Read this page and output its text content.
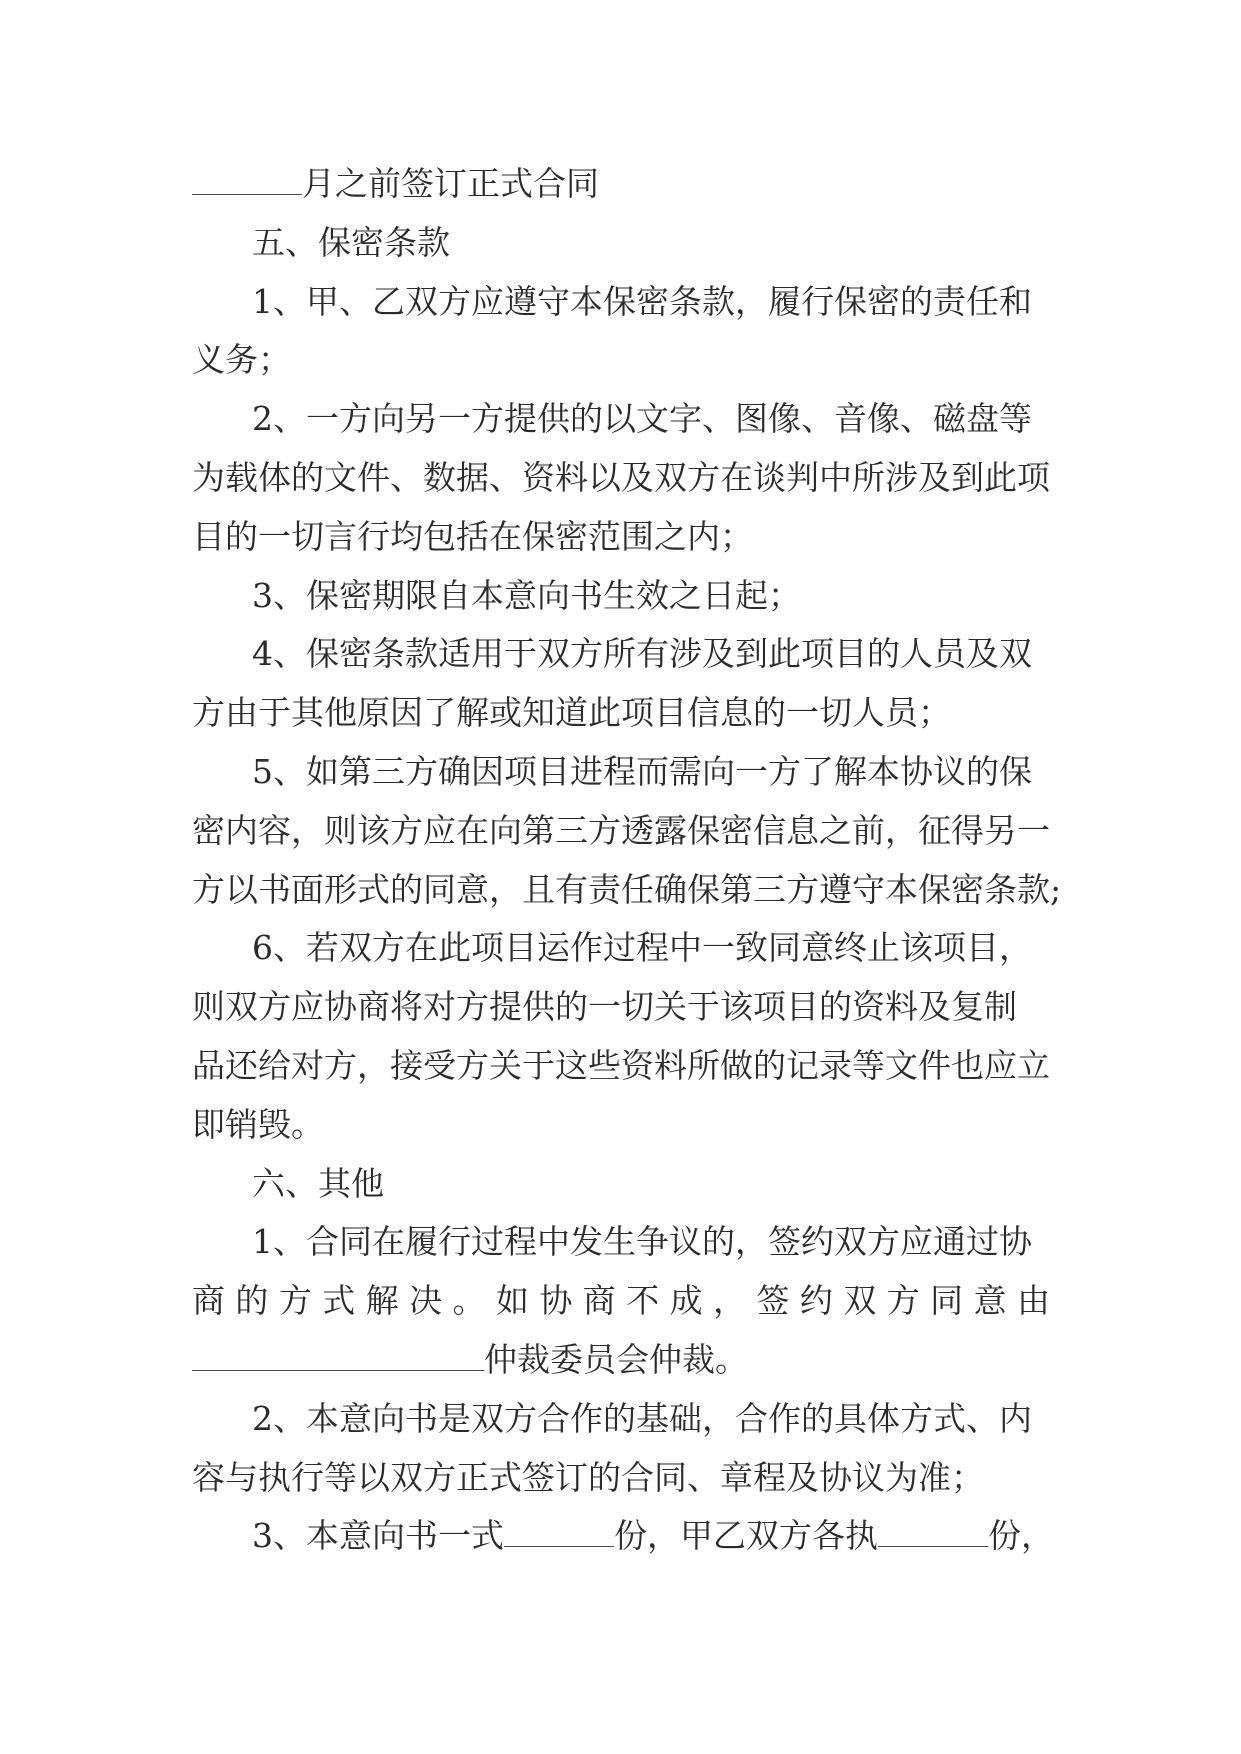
月之前签订正式合同
五、保密条款
1、甲、乙双方应遵守本保密条款，履行保密的责任和
义务；
2、一方向另一方提供的以文字、图像、音像、磁盘等
为载体的文件、数据、资料以及双方在谈判中所涉及到此项
目的一切言行均包括在保密范围之内；
3、保密期限自本意向书生效之日起；
4、保密条款适用于双方所有涉及到此项目的人员及双
方由于其他原因了解或知道此项目信息的一切人员；
5、如第三方确因项目进程而需向一方了解本协议的保
密内容，则该方应在向第三方透露保密信息之前，征得另一
方以书面形式的同意，且有责任确保第三方遵守本保密条款;
6、若双方在此项目运作过程中一致同意终止该项目，
则双方应协商将对方提供的一切关于该项目的资料及复制
品还给对方，接受方关于这些资料所做的记录等文件也应立
即销毁。
六、其他
1、合同在履行过程中发生争议的，签约双方应通过协
商的方式解决。如协商不成，签约双方同意由
仲裁委员会仲裁。
2、本意向书是双方合作的基础，合作的具体方式、内
容与执行等以双方正式签订的合同、章程及协议为准；
3、本意向书一式	份，甲乙双方各执	份，
